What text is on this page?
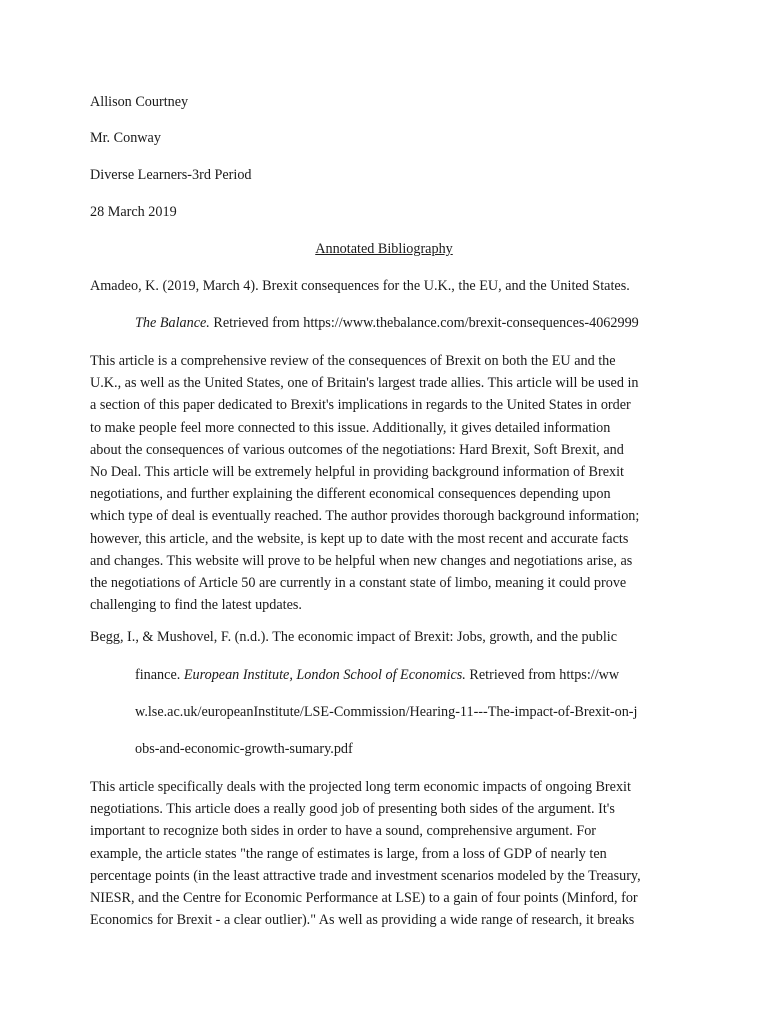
Allison Courtney
Mr. Conway
Diverse Learners-3rd Period
28 March 2019
Annotated Bibliography
Amadeo, K. (2019, March 4). Brexit consequences for the U.K., the EU, and the United States.
The Balance. Retrieved from https://www.thebalance.com/brexit-consequences-4062999
This article is a comprehensive review of the consequences of Brexit on both the EU and the
U.K., as well as the United States, one of Britain's largest trade allies. This article will be used in
a section of this paper dedicated to Brexit's implications in regards to the United States in order
to make people feel more connected to this issue. Additionally, it gives detailed information
about the consequences of various outcomes of the negotiations: Hard Brexit, Soft Brexit, and
No Deal. This article will be extremely helpful in providing background information of Brexit
negotiations, and further explaining the different economical consequences depending upon
which type of deal is eventually reached. The author provides thorough background information;
however, this article, and the website, is kept up to date with the most recent and accurate facts
and changes. This website will prove to be helpful when new changes and negotiations arise, as
the negotiations of Article 50 are currently in a constant state of limbo, meaning it could prove
challenging to find the latest updates.
Begg, I., & Mushovel, F. (n.d.). The economic impact of Brexit: Jobs, growth, and the public
finance. European Institute, London School of Economics. Retrieved from https://ww
w.lse.ac.uk/europeanInstitute/LSE-Commission/Hearing-11---The-impact-of-Brexit-on-j
obs-and-economic-growth-sumary.pdf
This article specifically deals with the projected long term economic impacts of ongoing Brexit
negotiations. This article does a really good job of presenting both sides of the argument. It's
important to recognize both sides in order to have a sound, comprehensive argument. For
example, the article states "the range of estimates is large, from a loss of GDP of nearly ten
percentage points (in the least attractive trade and investment scenarios modeled by the Treasury,
NIESR, and the Centre for Economic Performance at LSE) to a gain of four points (Minford, for
Economics for Brexit - a clear outlier)." As well as providing a wide range of research, it breaks
